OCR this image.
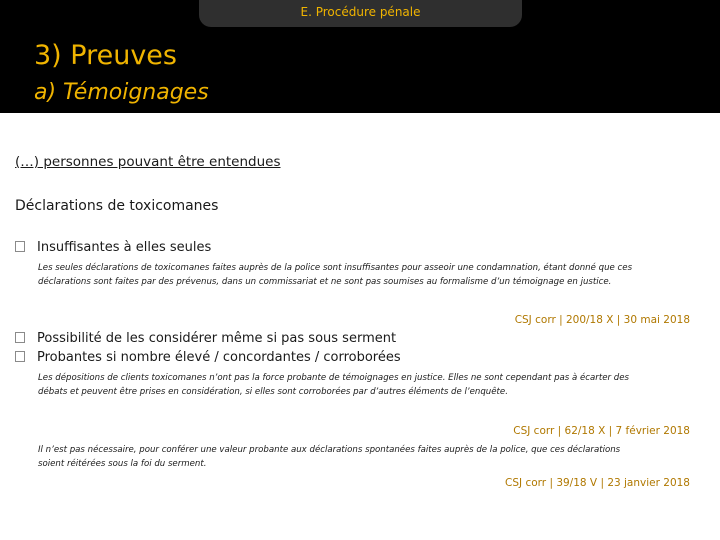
E. Procédure pénale
3) Preuves
a) Témoignages
(…) personnes pouvant être entendues
Déclarations de toxicomanes
Insuffisantes à elles seules
Les seules déclarations de toxicomanes faites auprès de la police sont insuffisantes pour asseoir une condamnation, étant donné que ces
déclarations sont faites par des prévenus, dans un commissariat et ne sont pas soumises au formalisme d’un témoignage en justice.
CSJ corr | 200/18 X | 30 mai 2018
Possibilité de les considérer même si pas sous serment
Probantes si nombre élevé / concordantes / corroborées
Les dépositions de clients toxicomanes n’ont pas la force probante de témoignages en justice. Elles ne sont cependant pas à écarter des
débats et peuvent être prises en considération, si elles sont corroborées par d’autres éléments de l’enquête.
CSJ corr | 62/18 X | 7 février 2018
Il n’est pas nécessaire, pour conférer une valeur probante aux déclarations spontanées faites auprès de la police, que ces déclarations
soient réitérées sous la foi du serment.
CSJ corr | 39/18 V | 23 janvier 2018
